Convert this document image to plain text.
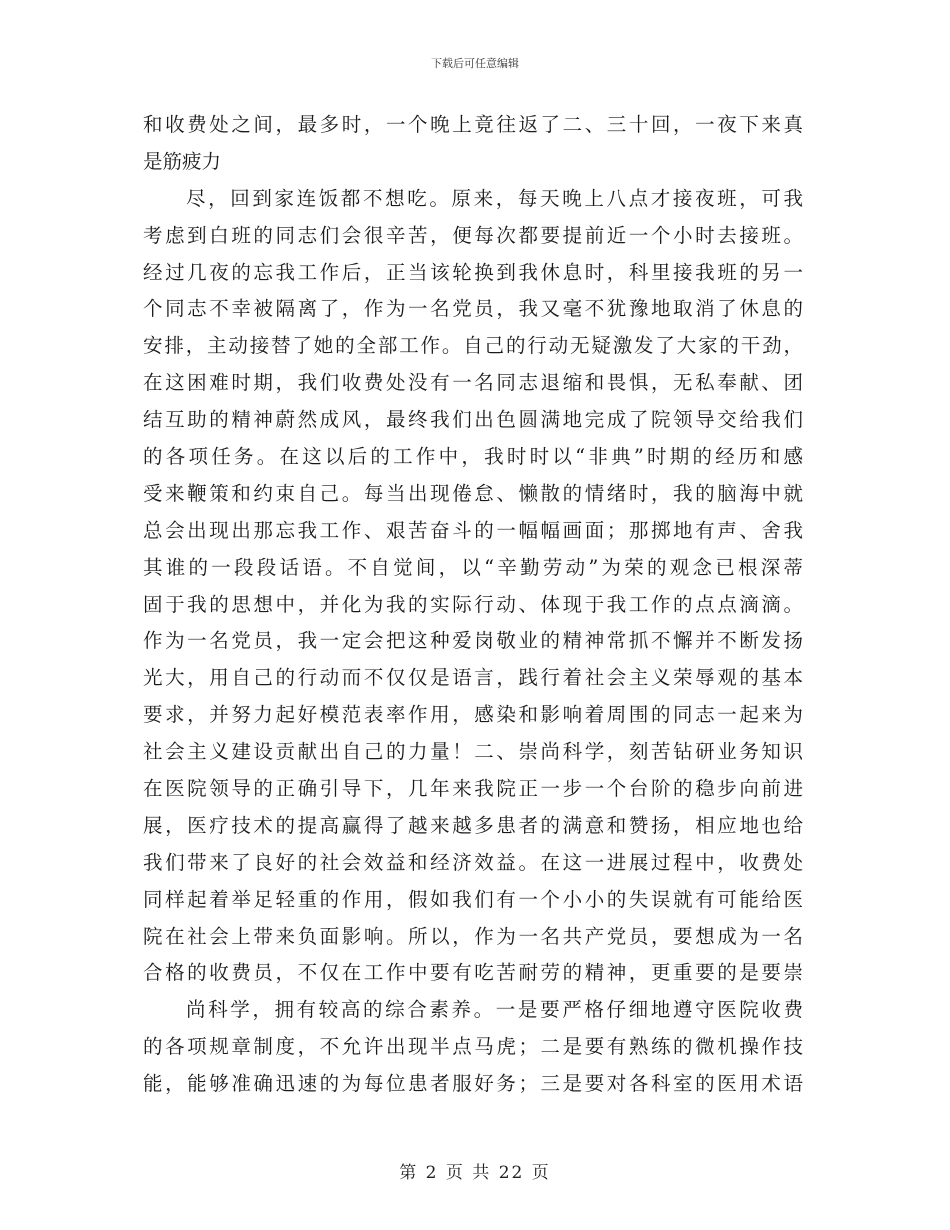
下载后可任意编辑
和收费处之间，最多时，一个晚上竟往返了二、三十回，一夜下来真
是筋疲力
尽，回到家连饭都不想吃。原来，每天晚上八点才接夜班，可我
考虑到白班的同志们会很辛苦，便每次都要提前近一个小时去接班。
经过几夜的忘我工作后，正当该轮换到我休息时，科里接我班的另一
个同志不幸被隔离了，作为一名党员，我又毫不犹豫地取消了休息的
安排，主动接替了她的全部工作。自己的行动无疑激发了大家的干劲，
在这困难时期，我们收费处没有一名同志退缩和畏惧，无私奉献、团
结互助的精神蔚然成风，最终我们出色圆满地完成了院领导交给我们
的各项任务。在这以后的工作中，我时时以“非典”时期的经历和感
受来鞭策和约束自己。每当出现倦怠、懒散的情绪时，我的脑海中就
总会出现出那忘我工作、艰苦奋斗的一幅幅画面；那掷地有声、舍我
其谁的一段段话语。不自觉间，以“辛勤劳动”为荣的观念已根深蒂
固于我的思想中，并化为我的实际行动、体现于我工作的点点滴滴。
作为一名党员，我一定会把这种爱岗敬业的精神常抓不懈并不断发扬
光大，用自己的行动而不仅仅是语言，践行着社会主义荣辱观的基本
要求，并努力起好模范表率作用，感染和影响着周围的同志一起来为
社会主义建设贡献出自己的力量！二、崇尚科学，刻苦钻研业务知识
在医院领导的正确引导下，几年来我院正一步一个台阶的稳步向前进
展，医疗技术的提高赢得了越来越多患者的满意和赞扬，相应地也给
我们带来了良好的社会效益和经济效益。在这一进展过程中，收费处
同样起着举足轻重的作用，假如我们有一个小小的失误就有可能给医
院在社会上带来负面影响。所以，作为一名共产党员，要想成为一名
合格的收费员，不仅在工作中要有吃苦耐劳的精神，更重要的是要崇
尚科学，拥有较高的综合素养。一是要严格仔细地遵守医院收费
的各项规章制度，不允许出现半点马虎；二是要有熟练的微机操作技
能，能够准确迅速的为每位患者服好务；三是要对各科室的医用术语
第 2 页 共 22 页
